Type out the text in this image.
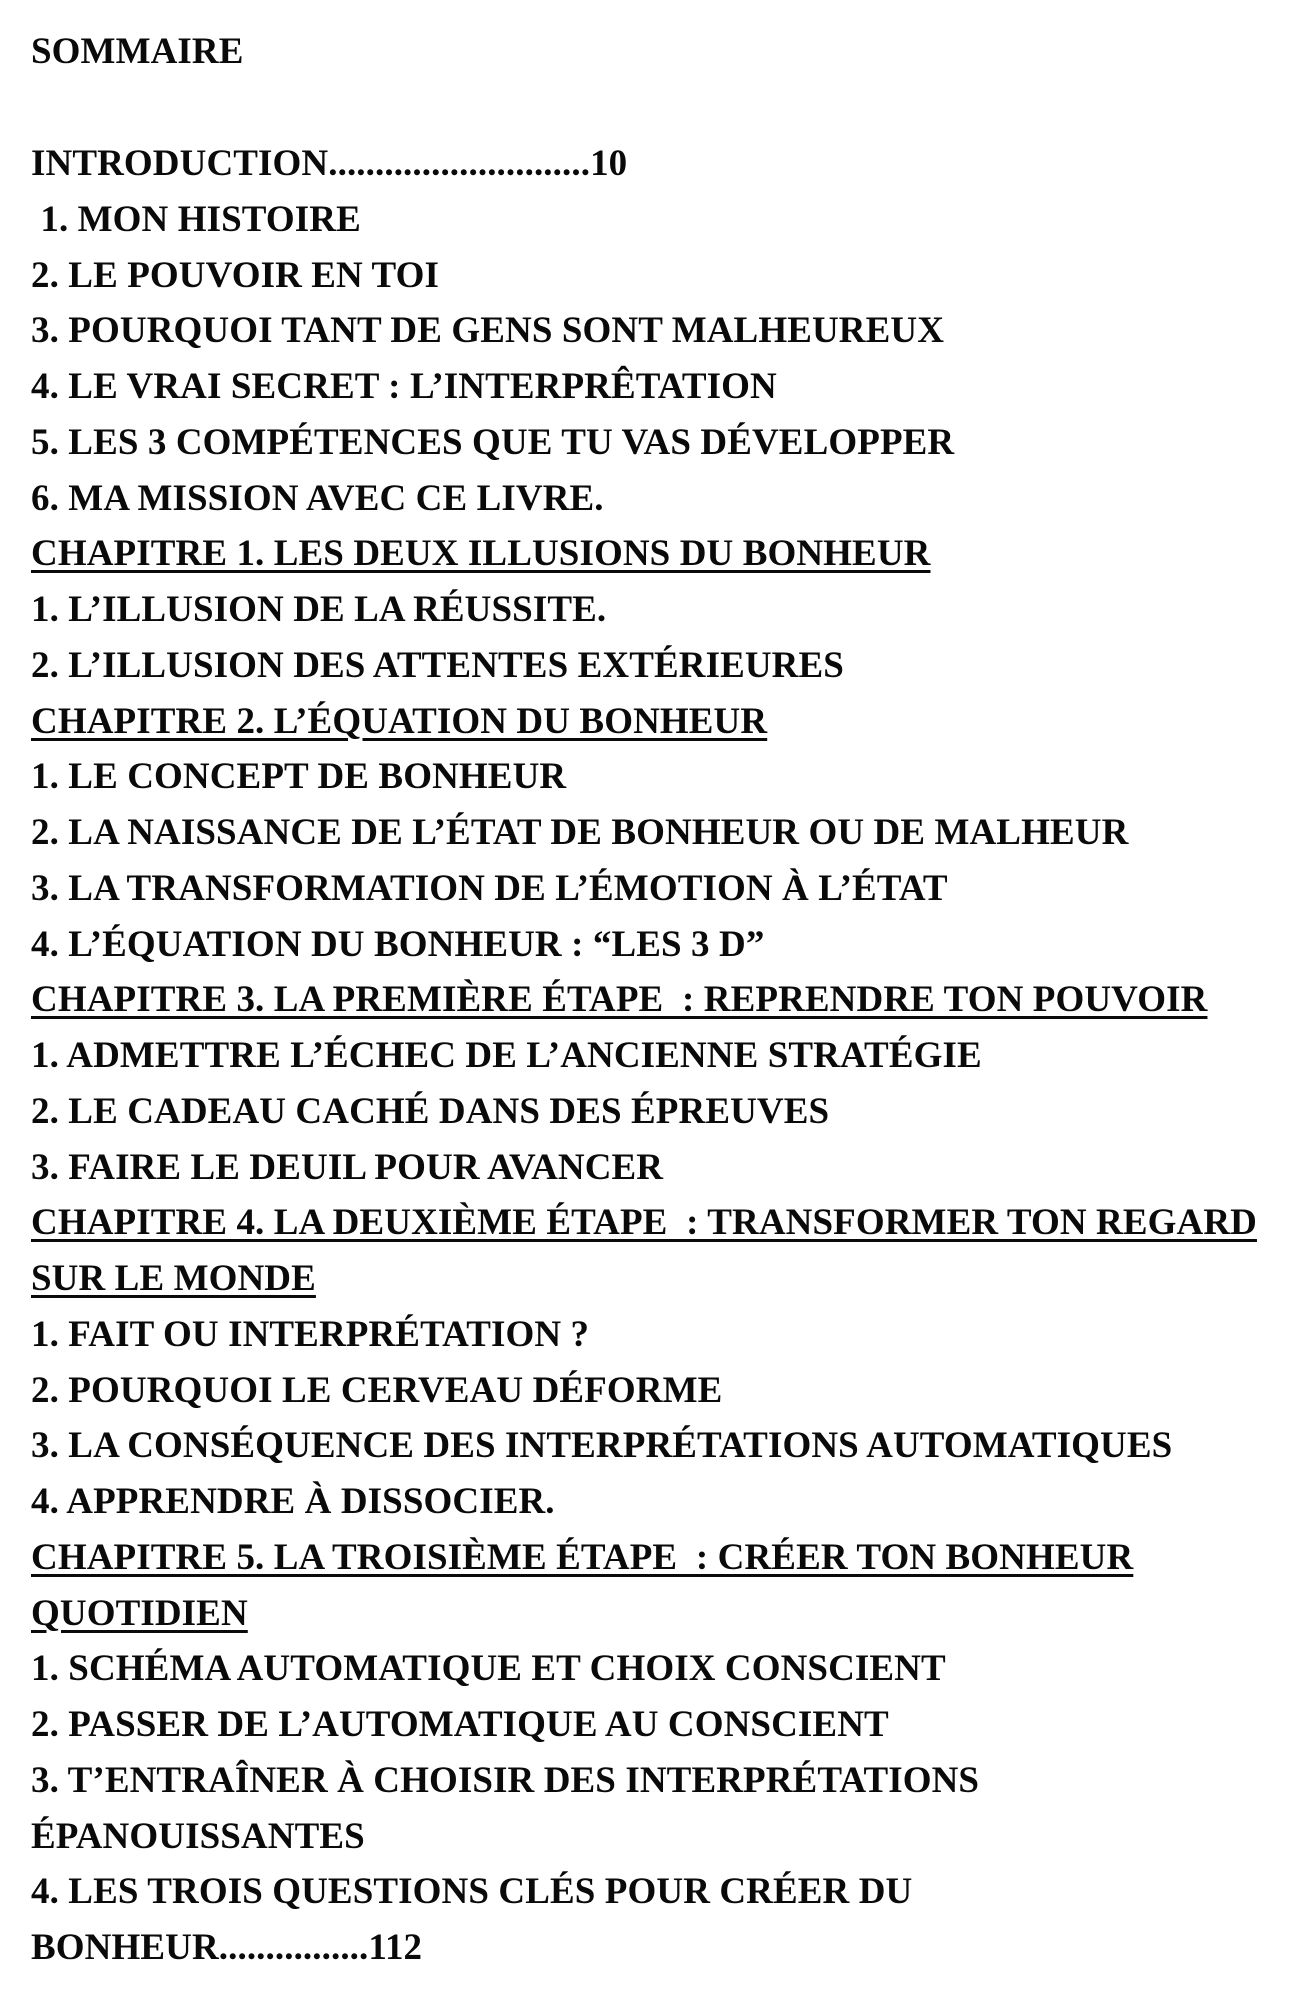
SOMMAIRE
INTRODUCTION............................10
1. MON HISTOIRE
2. LE POUVOIR EN TOI
3. POURQUOI TANT DE GENS SONT MALHEUREUX
4. LE VRAI SECRET : L’INTERPRÊTATION
5. LES 3 COMPÉTENCES QUE TU VAS DÉVELOPPER
6. MA MISSION AVEC CE LIVRE.
CHAPITRE 1. LES DEUX ILLUSIONS DU BONHEUR
1. L’ILLUSION DE LA RÉUSSITE.
2. L’ILLUSION DES ATTENTES EXTÉRIEURES
CHAPITRE 2. L’ÉQUATION DU BONHEUR
1. LE CONCEPT DE BONHEUR
2. LA NAISSANCE DE L’ÉTAT DE BONHEUR OU DE MALHEUR
3. LA TRANSFORMATION DE L’ÉMOTION À L’ÉTAT
4. L’ÉQUATION DU BONHEUR : “LES 3 D”
CHAPITRE 3. LA PREMIÈRE ÉTAPE  : REPRENDRE TON POUVOIR
1. ADMETTRE L’ÉCHEC DE L’ANCIENNE STRATÉGIE
2. LE CADEAU CACHÉ DANS DES ÉPREUVES
3. FAIRE LE DEUIL POUR AVANCER
CHAPITRE 4. LA DEUXIÈME ÉTAPE  : TRANSFORMER TON REGARD
SUR LE MONDE
1. FAIT OU INTERPRÉTATION ?
2. POURQUOI LE CERVEAU DÉFORME
3. LA CONSÉQUENCE DES INTERPRÉTATIONS AUTOMATIQUES
4. APPRENDRE À DISSOCIER.
CHAPITRE 5. LA TROISIÈME ÉTAPE  : CRÉER TON BONHEUR
QUOTIDIEN
1. SCHÉMA AUTOMATIQUE ET CHOIX CONSCIENT
2. PASSER DE L’AUTOMATIQUE AU CONSCIENT
3. T’ENTRAÎNER À CHOISIR DES INTERPRÉTATIONS
ÉPANOUISSANTES
4. LES TROIS QUESTIONS CLÉS POUR CRÉER DU
BONHEUR................112
